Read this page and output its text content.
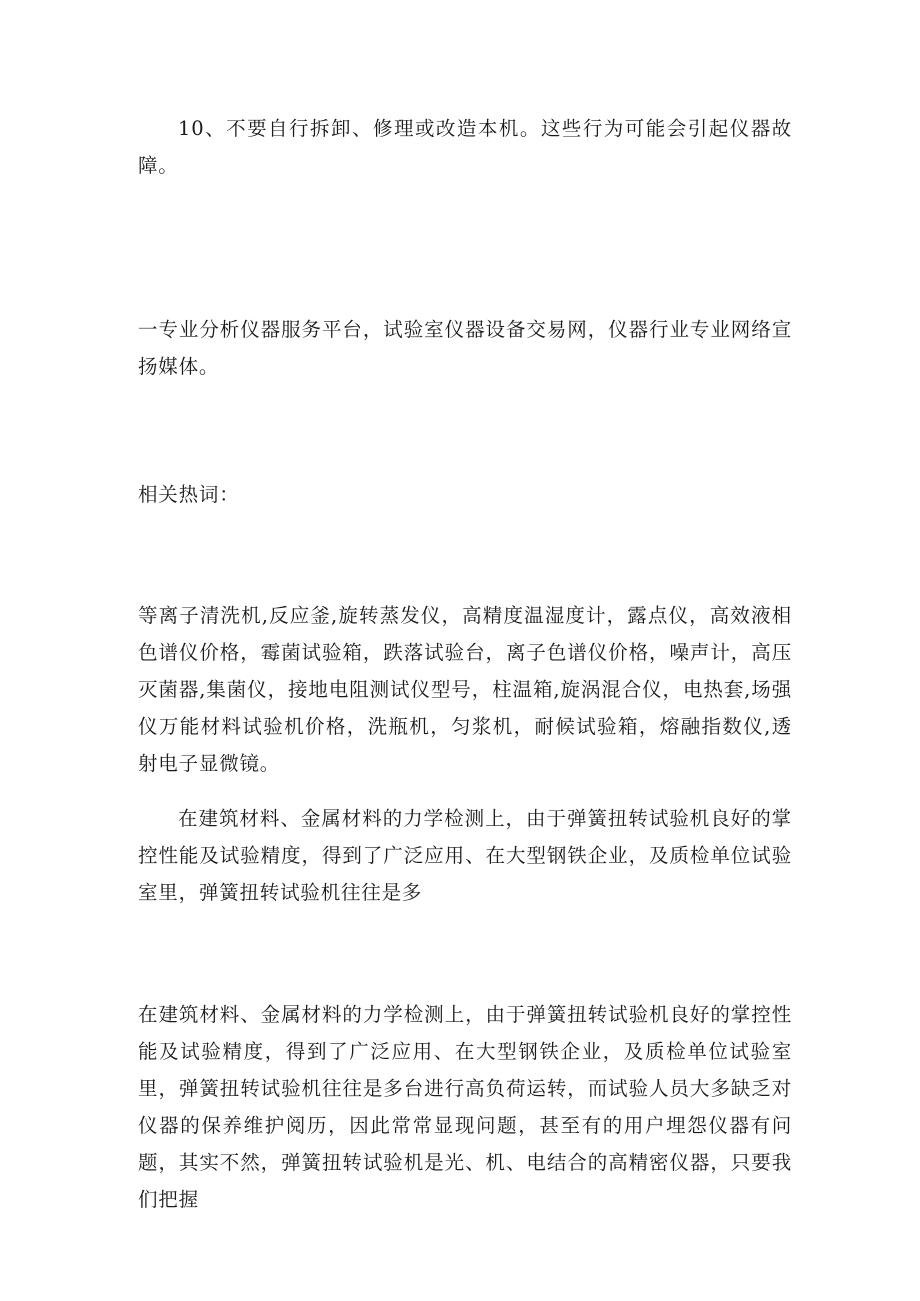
10、不要自行拆卸、修理或改造本机。这些行为可能会引起仪器故障。

一专业分析仪器服务平台，试验室仪器设备交易网，仪器行业专业网络宣扬媒体。

相关热词：

等离子清洗机,反应釜,旋转蒸发仪，高精度温湿度计，露点仪，高效液相色谱仪价格，霉菌试验箱，跌落试验台，离子色谱仪价格，噪声计，高压灭菌器,集菌仪，接地电阻测试仪型号，柱温箱,旋涡混合仪，电热套,场强仪万能材料试验机价格，洗瓶机，匀浆机，耐候试验箱，熔融指数仪,透射电子显微镜。

在建筑材料、金属材料的力学检测上，由于弹簧扭转试验机良好的掌控性能及试验精度，得到了广泛应用、在大型钢铁企业，及质检单位试验室里，弹簧扭转试验机往往是多

在建筑材料、金属材料的力学检测上，由于弹簧扭转试验机良好的掌控性能及试验精度，得到了广泛应用、在大型钢铁企业，及质检单位试验室里，弹簧扭转试验机往往是多台进行高负荷运转，而试验人员大多缺乏对仪器的保养维护阅历，因此常常显现问题，甚至有的用户埋怨仪器有问题，其实不然，弹簧扭转试验机是光、机、电结合的高精密仪器，只要我们把握
